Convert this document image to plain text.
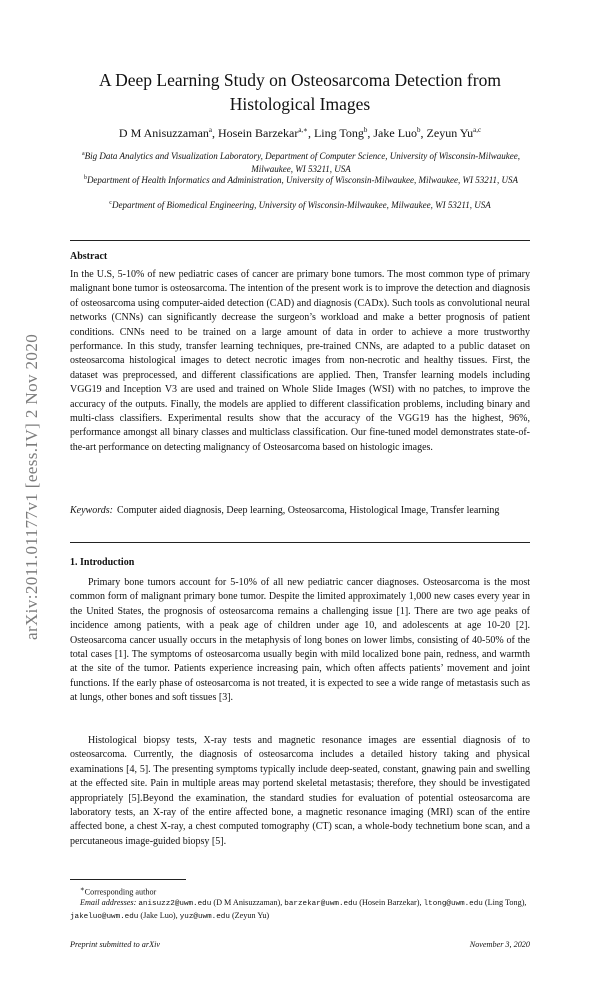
arXiv:2011.01177v1 [eess.IV] 2 Nov 2020
A Deep Learning Study on Osteosarcoma Detection from
Histological Images
D M Anisuzzaman$^a$, Hosein Barzekar$^{a,∗}$, Ling Tong$^b$, Jake Luo$^b$, Zeyun Yu$^{a,c}$
$^a$Big Data Analytics and Visualization Laboratory, Department of Computer Science, University of Wisconsin-Milwaukee, Milwaukee, WI 53211, USA
$^b$Department of Health Informatics and Administration, University of Wisconsin-Milwaukee, Milwaukee, WI 53211, USA
$^c$Department of Biomedical Engineering, University of Wisconsin-Milwaukee, Milwaukee, WI 53211, USA
Abstract

In the U.S, 5-10% of new pediatric cases of cancer are primary bone tumors. The most common type of primary malignant bone tumor is osteosarcoma. The intention of the present work is to improve the detection and diagnosis of osteosarcoma using computer-aided detection (CAD) and diagnosis (CADx). Such tools as convolutional neural networks (CNNs) can significantly decrease the surgeon’s workload and make a better prognosis of patient conditions. CNNs need to be trained on a large amount of data in order to achieve a more trustworthy performance. In this study, transfer learning techniques, pre-trained CNNs, are adapted to a public dataset on osteosarcoma histological images to detect necrotic images from non-necrotic and healthy tissues. First, the dataset was preprocessed, and different classifications are applied. Then, Transfer learning models including VGG19 and Inception V3 are used and trained on Whole Slide Images (WSI) with no patches, to improve the accuracy of the outputs. Finally, the models are applied to different classification problems, including binary and multi-class classifiers. Experimental results show that the accuracy of the VGG19 has the highest, 96%, performance amongst all binary classes and multiclass classification. Our fine-tuned model demonstrates state-of-the-art performance on detecting malignancy of Osteosarcoma based on histologic images.

Keywords: Computer aided diagnosis, Deep learning, Osteosarcoma, Histological Image, Transfer learning
1. Introduction

Primary bone tumors account for 5-10% of all new pediatric cancer diagnoses. Osteosarcoma is the most common form of malignant primary bone tumor. Despite the limited approximately 1,000 new cases every year in the United States, the prognosis of osteosarcoma remains a challenging issue [1]. There are two age peaks of incidence among patients, with a peak age of children under age 10, and adolescents at age 10-20 [2]. Osteosarcoma cancer usually occurs in the metaphysis of long bones on lower limbs, consisting of 40-50% of the total cases [1]. The symptoms of osteosarcoma usually begin with mild localized bone pain, redness, and warmth at the site of the tumor. Patients experience increasing pain, which often affects patients’ movement and joint functions. If the early phase of osteosarcoma is not treated, it is expected to see a wide range of metastasis such as at lungs, other bones and soft tissues [3].

Histological biopsy tests, X-ray tests and magnetic resonance images are essential diagnosis of to osteosarcoma. Currently, the diagnosis of osteosarcoma includes a detailed history taking and physical examinations [4, 5]. The presenting symptoms typically include deep-seated, constant, gnawing pain and swelling at the effected site. Pain in multiple areas may portend skeletal metastasis; therefore, they should be investigated appropriately [5].Beyond the examination, the standard studies for evaluation of potential osteosarcoma are laboratory tests, an X-ray of the entire affected bone, a magnetic resonance imaging (MRI) scan of the entire affected bone, a chest X-ray, a chest computed tomography (CT) scan, a whole-body technetium bone scan, and a percutaneous image-guided biopsy [5].

∗Corresponding author
Email addresses: anisuzz2@uwm.edu (D M Anisuzzaman), barzekar@uwm.edu (Hosein Barzekar), ltong@uwm.edu (Ling Tong), jakeluo@uwm.edu (Jake Luo), yuz@uwm.edu (Zeyun Yu)
Preprint submitted to arXiv	November 3, 2020
